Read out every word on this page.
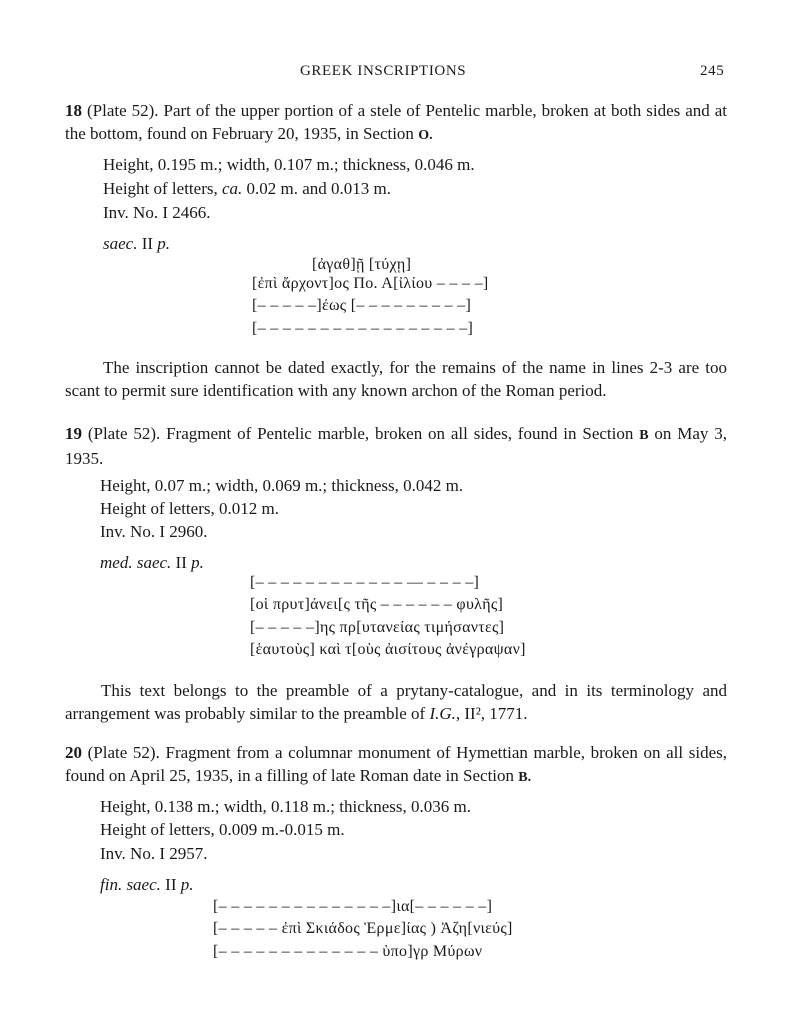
GREEK INSCRIPTIONS	245
18 (Plate 52). Part of the upper portion of a stele of Pentelic marble, broken at both sides and at the bottom, found on February 20, 1935, in Section O.
Height, 0.195 m.; width, 0.107 m.; thickness, 0.046 m.
Height of letters, ca. 0.02 m. and 0.013 m.
Inv. No. I 2466.
saec. II p.
[ἀγαθ]ῇ [τύχῃ]
[ἐπὶ ἄρχοντ]ος Πο. Α[ἰλίου – – – –]
[– – – – –]έως [– – – – – – – – –]
[– – – – – – – – – – – – – – – – –]
The inscription cannot be dated exactly, for the remains of the name in lines 2-3 are too scant to permit sure identification with any known archon of the Roman period.
19 (Plate 52). Fragment of Pentelic marble, broken on all sides, found in Section B on May 3, 1935.
Height, 0.07 m.; width, 0.069 m.; thickness, 0.042 m.
Height of letters, 0.012 m.
Inv. No. I 2960.
med. saec. II p.
[– – – – – – – – – – – – — – – – –]
[οἱ πρυτ]άνει[ς τῆς – – – – – – φυλῆς]
[– – – – –]ης πρ[υτανείας τιμήσαντες]
[ἑαυτοὺς] καὶ τ[οὺς ἀισίτους ἀνέγραψαν]
This text belongs to the preamble of a prytany-catalogue, and in its terminology and arrangement was probably similar to the preamble of I.G., II², 1771.
20 (Plate 52). Fragment from a columnar monument of Hymettian marble, broken on all sides, found on April 25, 1935, in a filling of late Roman date in Section B.
Height, 0.138 m.; width, 0.118 m.; thickness, 0.036 m.
Height of letters, 0.009 m.-0.015 m.
Inv. No. I 2957.
fin. saec. II p.
[– – – – – – – – – – – – – –]ια[– – – – – –]
[– – – – – ἐπὶ Σκιάδος Ἑρμε]ίας ) Ἀζη[νιεύς]
[– – – – – – – – – – – – – ὑπο]γρ Μύρων
